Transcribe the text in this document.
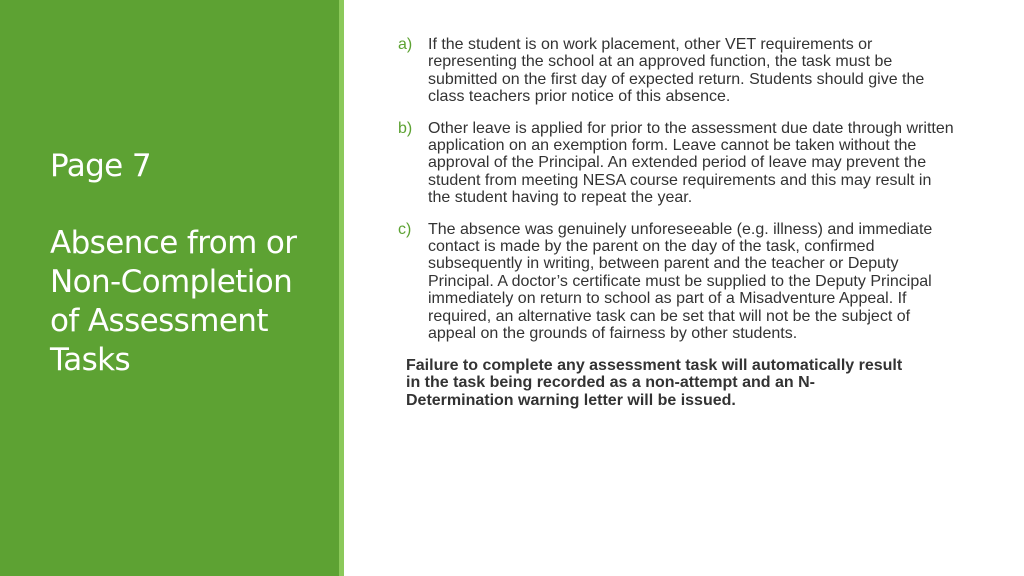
Page 7

Absence from or Non-Completion of Assessment Tasks

a) If the student is on work placement, other VET requirements or representing the school at an approved function, the task must be submitted on the first day of expected return. Students should give the class teachers prior notice of this absence.
b) Other leave is applied for prior to the assessment due date through written application on an exemption form. Leave cannot be taken without the approval of the Principal. An extended period of leave may prevent the student from meeting NESA course requirements and this may result in the student having to repeat the year.
c) The absence was genuinely unforeseeable (e.g. illness) and immediate contact is made by the parent on the day of the task, confirmed subsequently in writing, between parent and the teacher or Deputy Principal. A doctor’s certificate must be supplied to the Deputy Principal immediately on return to school as part of a Misadventure Appeal. If required, an alternative task can be set that will not be the subject of appeal on the grounds of fairness by other students.
Failure to complete any assessment task will automatically result in the task being recorded as a non-attempt and an N-Determination warning letter will be issued.
